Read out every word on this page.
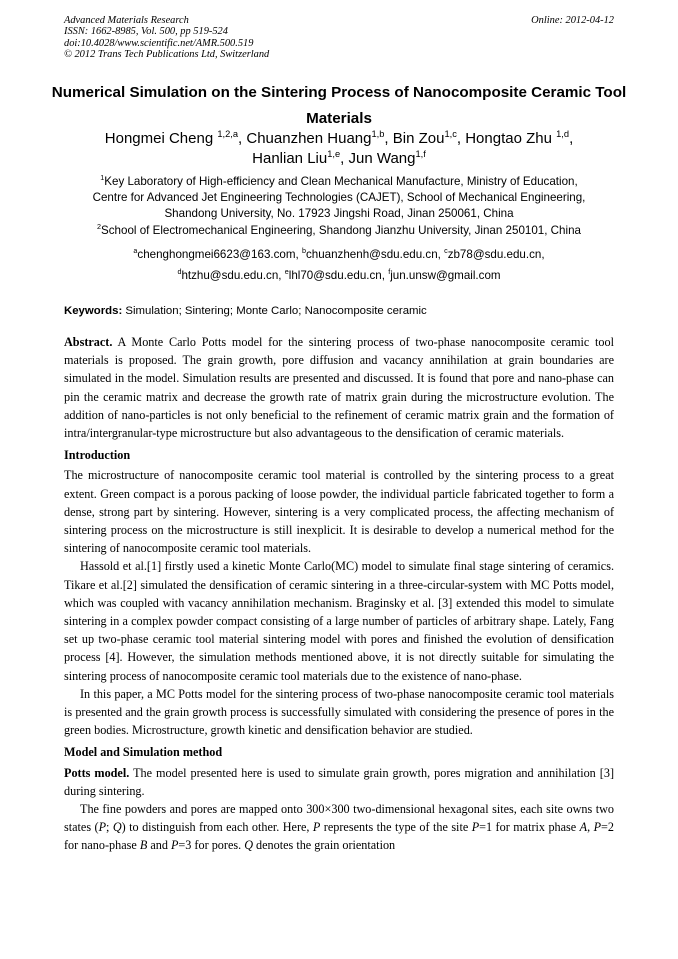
Advanced Materials Research
ISSN: 1662-8985, Vol. 500, pp 519-524
doi:10.4028/www.scientific.net/AMR.500.519
© 2012 Trans Tech Publications Ltd, Switzerland
Online: 2012-04-12
Numerical Simulation on the Sintering Process of Nanocomposite Ceramic Tool Materials
Hongmei Cheng $^{1,2,a}$, Chuanzhen Huang$^{1,b}$, Bin Zou$^{1,c}$, Hongtao Zhu $^{1,d}$,
Hanlian Liu$^{1,e}$, Jun Wang$^{1,f}$
$^1$Key Laboratory of High-efficiency and Clean Mechanical Manufacture, Ministry of Education,
Centre for Advanced Jet Engineering Technologies (CAJET), School of Mechanical Engineering,
Shandong University, No. 17923 Jingshi Road, Jinan 250061, China
$^2$School of Electromechanical Engineering, Shandong Jianzhu University, Jinan 250101, China
$^a$chenghongmei6623@163.com, $^b$chuanzhenh@sdu.edu.cn, $^c$zb78@sdu.edu.cn,
$^d$htzhu@sdu.edu.cn, $^e$lhl70@sdu.edu.cn, $^f$jun.unsw@gmail.com
Keywords: Simulation; Sintering; Monte Carlo; Nanocomposite ceramic

Abstract. A Monte Carlo Potts model for the sintering process of two-phase nanocomposite ceramic tool materials is proposed. The grain growth, pore diffusion and vacancy annihilation at grain boundaries are simulated in the model. Simulation results are presented and discussed. It is found that pore and nano-phase can pin the ceramic matrix and decrease the growth rate of matrix grain during the microstructure evolution. The addition of nano-particles is not only beneficial to the refinement of ceramic matrix grain and the formation of intra/intergranular-type microstructure but also advantageous to the densification of ceramic materials.

Introduction

The microstructure of nanocomposite ceramic tool material is controlled by the sintering process to a great extent. Green compact is a porous packing of loose powder, the individual particle fabricated together to form a dense, strong part by sintering. However, sintering is a very complicated process, the affecting mechanism of sintering process on the microstructure is still inexplicit. It is desirable to develop a numerical method for the sintering of nanocomposite ceramic tool materials.

Hassold et al.[1] firstly used a kinetic Monte Carlo(MC) model to simulate final stage sintering of ceramics. Tikare et al.[2] simulated the densification of ceramic sintering in a three-circular-system with MC Potts model, which was coupled with vacancy annihilation mechanism. Braginsky et al. [3] extended this model to simulate sintering in a complex powder compact consisting of a large number of particles of arbitrary shape. Lately, Fang set up two-phase ceramic tool material sintering model with pores and finished the evolution of densification process [4]. However, the simulation methods mentioned above, it is not directly suitable for simulating the sintering process of nanocomposite ceramic tool materials due to the existence of nano-phase.

In this paper, a MC Potts model for the sintering process of two-phase nanocomposite ceramic tool materials is presented and the grain growth process is successfully simulated with considering the presence of pores in the green bodies. Microstructure, growth kinetic and densification behavior are studied.

Model and Simulation method

Potts model. The model presented here is used to simulate grain growth, pores migration and annihilation [3] during sintering.

The fine powders and pores are mapped onto 300×300 two-dimensional hexagonal sites, each site owns two states (P; Q) to distinguish from each other. Here, P represents the type of the site P=1 for matrix phase A, P=2 for nano-phase B and P=3 for pores. Q denotes the grain orientation
